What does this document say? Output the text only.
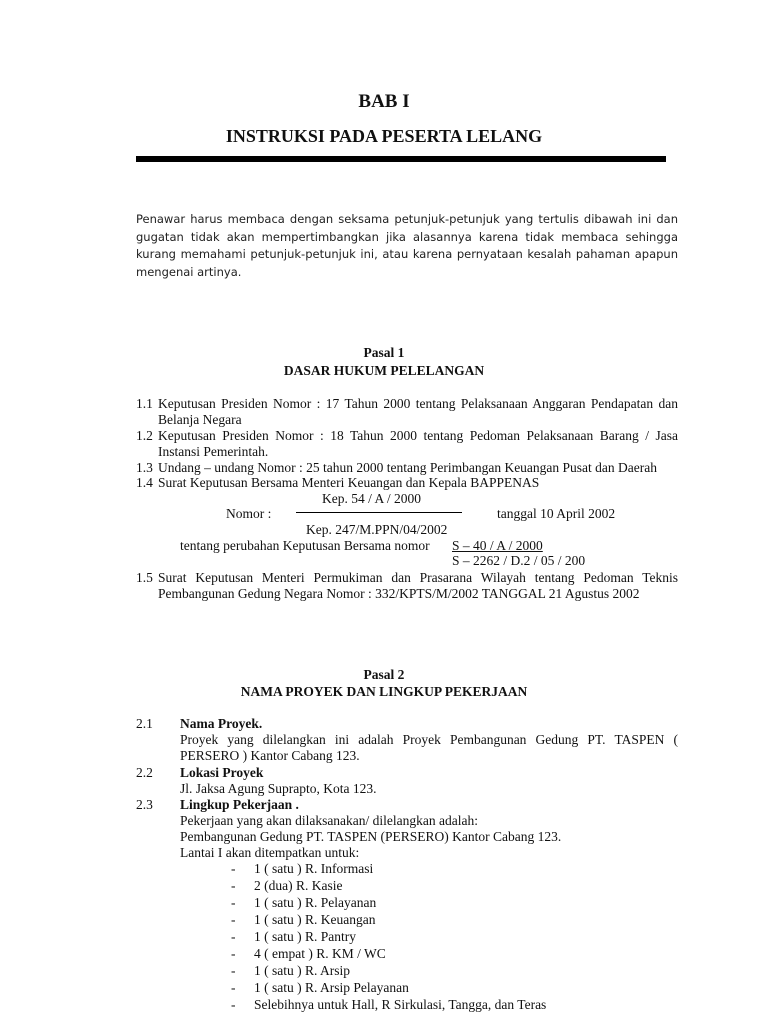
BAB I
INSTRUKSI PADA PESERTA LELANG
Penawar harus membaca dengan seksama petunjuk-petunjuk yang tertulis dibawah ini dan gugatan tidak akan mempertimbangkan jika alasannya karena tidak membaca sehingga kurang memahami petunjuk-petunjuk ini, atau karena pernyataan kesalah pahaman apapun mengenai artinya.
Pasal 1
DASAR HUKUM PELELANGAN
1.1 Keputusan Presiden Nomor : 17 Tahun 2000 tentang Pelaksanaan Anggaran Pendapatan dan Belanja Negara
1.2 Keputusan Presiden Nomor : 18 Tahun 2000 tentang Pedoman Pelaksanaan Barang / Jasa Instansi Pemerintah.
1.3 Undang – undang Nomor : 25 tahun 2000 tentang Perimbangan Keuangan Pusat dan Daerah
1.4 Surat Keputusan Bersama Menteri Keuangan dan Kepala BAPPENAS
Kep. 54 / A / 2000
Nomor :	tanggal 10 April 2002
Kep. 247/M.PPN/04/2002
tentang perubahan Keputusan Bersama nomor S – 40 / A / 2000
S – 2262 / D.2 / 05 / 200
1.5 Surat Keputusan Menteri Permukiman dan Prasarana Wilayah tentang Pedoman Teknis Pembangunan Gedung Negara Nomor : 332/KPTS/M/2002 TANGGAL 21 Agustus 2002
Pasal 2
NAMA PROYEK DAN LINGKUP PEKERJAAN
2.1 Nama Proyek.
Proyek yang dilelangkan ini adalah Proyek Pembangunan Gedung PT. TASPEN ( PERSERO ) Kantor Cabang 123.
2.2 Lokasi Proyek
Jl. Jaksa Agung Suprapto, Kota 123.
2.3 Lingkup Pekerjaan .
Pekerjaan yang akan dilaksanakan/ dilelangkan adalah:
Pembangunan Gedung PT. TASPEN (PERSERO) Kantor Cabang 123.
Lantai I akan ditempatkan untuk:
- 1 ( satu ) R. Informasi
- 2 (dua) R. Kasie
- 1 ( satu ) R. Pelayanan
- 1 ( satu ) R. Keuangan
- 1 ( satu ) R. Pantry
- 4 ( empat ) R. KM / WC
- 1 ( satu ) R. Arsip
- 1 ( satu ) R. Arsip Pelayanan
- Selebihnya untuk Hall, R Sirkulasi, Tangga, dan Teras
